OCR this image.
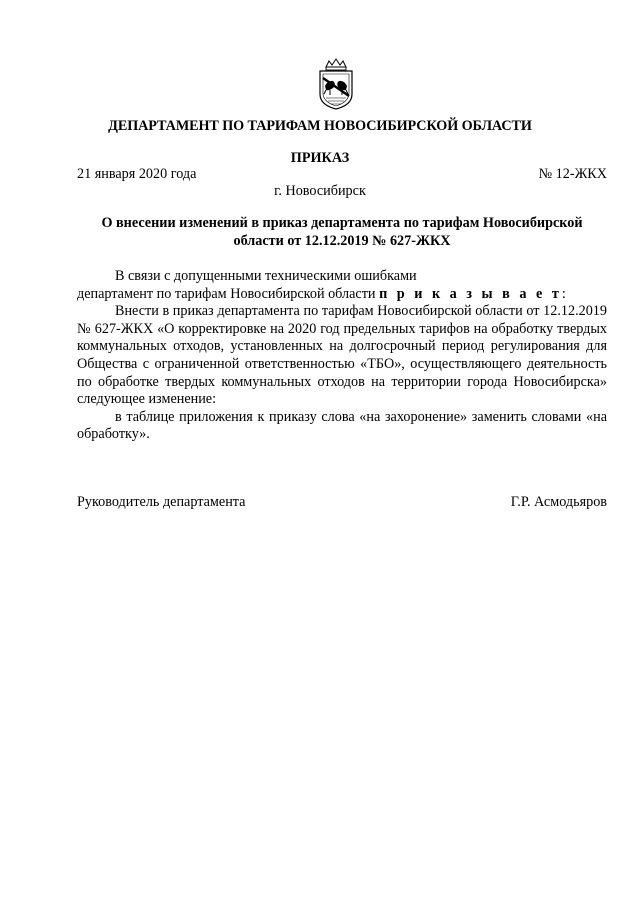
ДЕПАРТАМЕНТ ПО ТАРИФАМ НОВОСИБИРСКОЙ ОБЛАСТИ
ПРИКАЗ
21 января 2020 года	№ 12-ЖКХ
г. Новосибирск
О внесении изменений в приказ департамента по тарифам Новосибирской
области от 12.12.2019 № 627-ЖКХ

В связи с допущенными техническими ошибками

департамент по тарифам Новосибирской области п р и к а з ы в а е т:

Внести в приказ департамента по тарифам Новосибирской области от 12.12.2019 № 627-ЖКХ «О корректировке на 2020 год предельных тарифов на обработку твердых коммунальных отходов, установленных на долгосрочный период регулирования для Общества с ограниченной ответственностью «ТБО», осуществляющего деятельность по обработке твердых коммунальных отходов на территории города Новосибирска» следующее изменение:

в таблице приложения к приказу слова «на захоронение» заменить словами «на обработку».

Руководитель департамента	Г.Р. Асмодьяров
